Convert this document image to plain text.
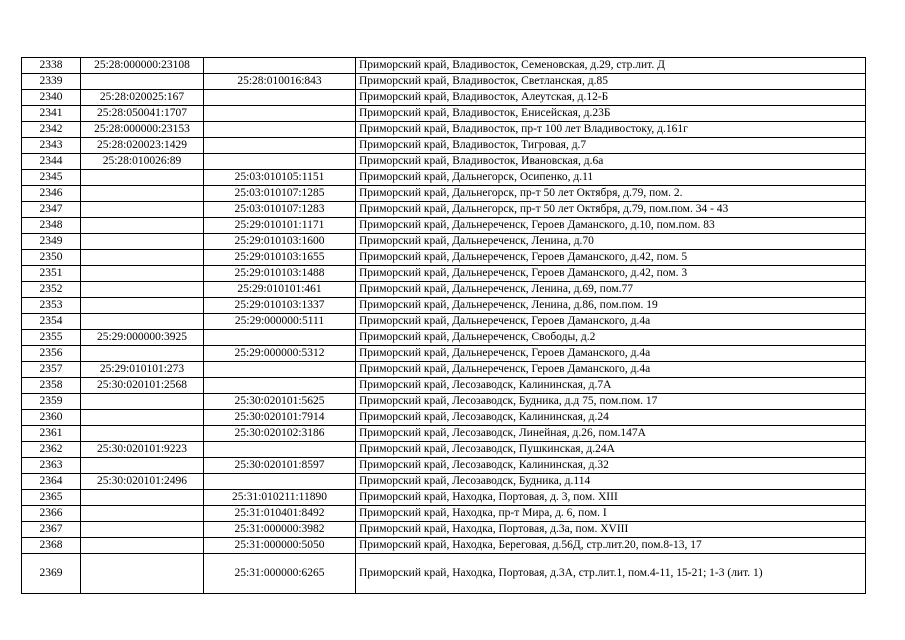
2338	25:28:000000:23108		Приморский край, Владивосток, Семеновская, д.29, стр.лит. Д
2339		25:28:010016:843	Приморский край, Владивосток, Светланская, д.85
2340	25:28:020025:167		Приморский край, Владивосток, Алеутская, д.12-Б
2341	25:28:050041:1707		Приморский край, Владивосток, Енисейская, д.23Б
2342	25:28:000000:23153		Приморский край, Владивосток, пр-т 100 лет Владивостоку, д.161г
2343	25:28:020023:1429		Приморский край, Владивосток, Тигровая, д.7
2344	25:28:010026:89		Приморский край, Владивосток, Ивановская, д.6а
2345		25:03:010105:1151	Приморский край, Дальнегорск, Осипенко, д.11
2346		25:03:010107:1285	Приморский край, Дальнегорск, пр-т 50 лет Октября, д.79, пом. 2.
2347		25:03:010107:1283	Приморский край, Дальнегорск, пр-т 50 лет Октября, д.79, пом.пом. 34 - 43
2348		25:29:010101:1171	Приморский край, Дальнереченск, Героев Даманского, д.10, пом.пом. 83
2349		25:29:010103:1600	Приморский край, Дальнереченск, Ленина, д.70
2350		25:29:010103:1655	Приморский край, Дальнереченск, Героев Даманского, д.42, пом. 5
2351		25:29:010103:1488	Приморский край, Дальнереченск, Героев Даманского, д.42, пом. 3
2352		25:29:010101:461	Приморский край, Дальнереченск, Ленина, д.69, пом.77
2353		25:29:010103:1337	Приморский край, Дальнереченск, Ленина, д.86, пом.пом. 19
2354		25:29:000000:5111	Приморский край, Дальнереченск, Героев Даманского, д.4а
2355	25:29:000000:3925		Приморский край, Дальнереченск, Свободы, д.2
2356		25:29:000000:5312	Приморский край, Дальнереченск, Героев Даманского, д.4а
2357	25:29:010101:273		Приморский край, Дальнереченск, Героев Даманского, д.4а
2358	25:30:020101:2568		Приморский край, Лесозаводск, Калининская, д.7А
2359		25:30:020101:5625	Приморский край, Лесозаводск, Будника, д.д 75, пом.пом. 17
2360		25:30:020101:7914	Приморский край, Лесозаводск, Калининская, д.24
2361		25:30:020102:3186	Приморский край, Лесозаводск, Линейная, д.26, пом.147А
2362	25:30:020101:9223		Приморский край, Лесозаводск, Пушкинская, д.24А
2363		25:30:020101:8597	Приморский край, Лесозаводск, Калининская, д.32
2364	25:30:020101:2496		Приморский край, Лесозаводск, Будника, д.114
2365		25:31:010211:11890	Приморский край, Находка, Портовая, д. 3, пом. XIII
2366		25:31:010401:8492	Приморский край, Находка, пр-т Мира, д. 6, пом. I
2367		25:31:000000:3982	Приморский край, Находка, Портовая, д.3а, пом. XVIII
2368		25:31:000000:5050	Приморский край, Находка, Береговая, д.56Д, стр.лит.20, пом.8-13, 17
2369		25:31:000000:6265	Приморский край, Находка, Портовая, д.3А, стр.лит.1, пом.4-11, 15-21; 1-3 (лит. 1)
